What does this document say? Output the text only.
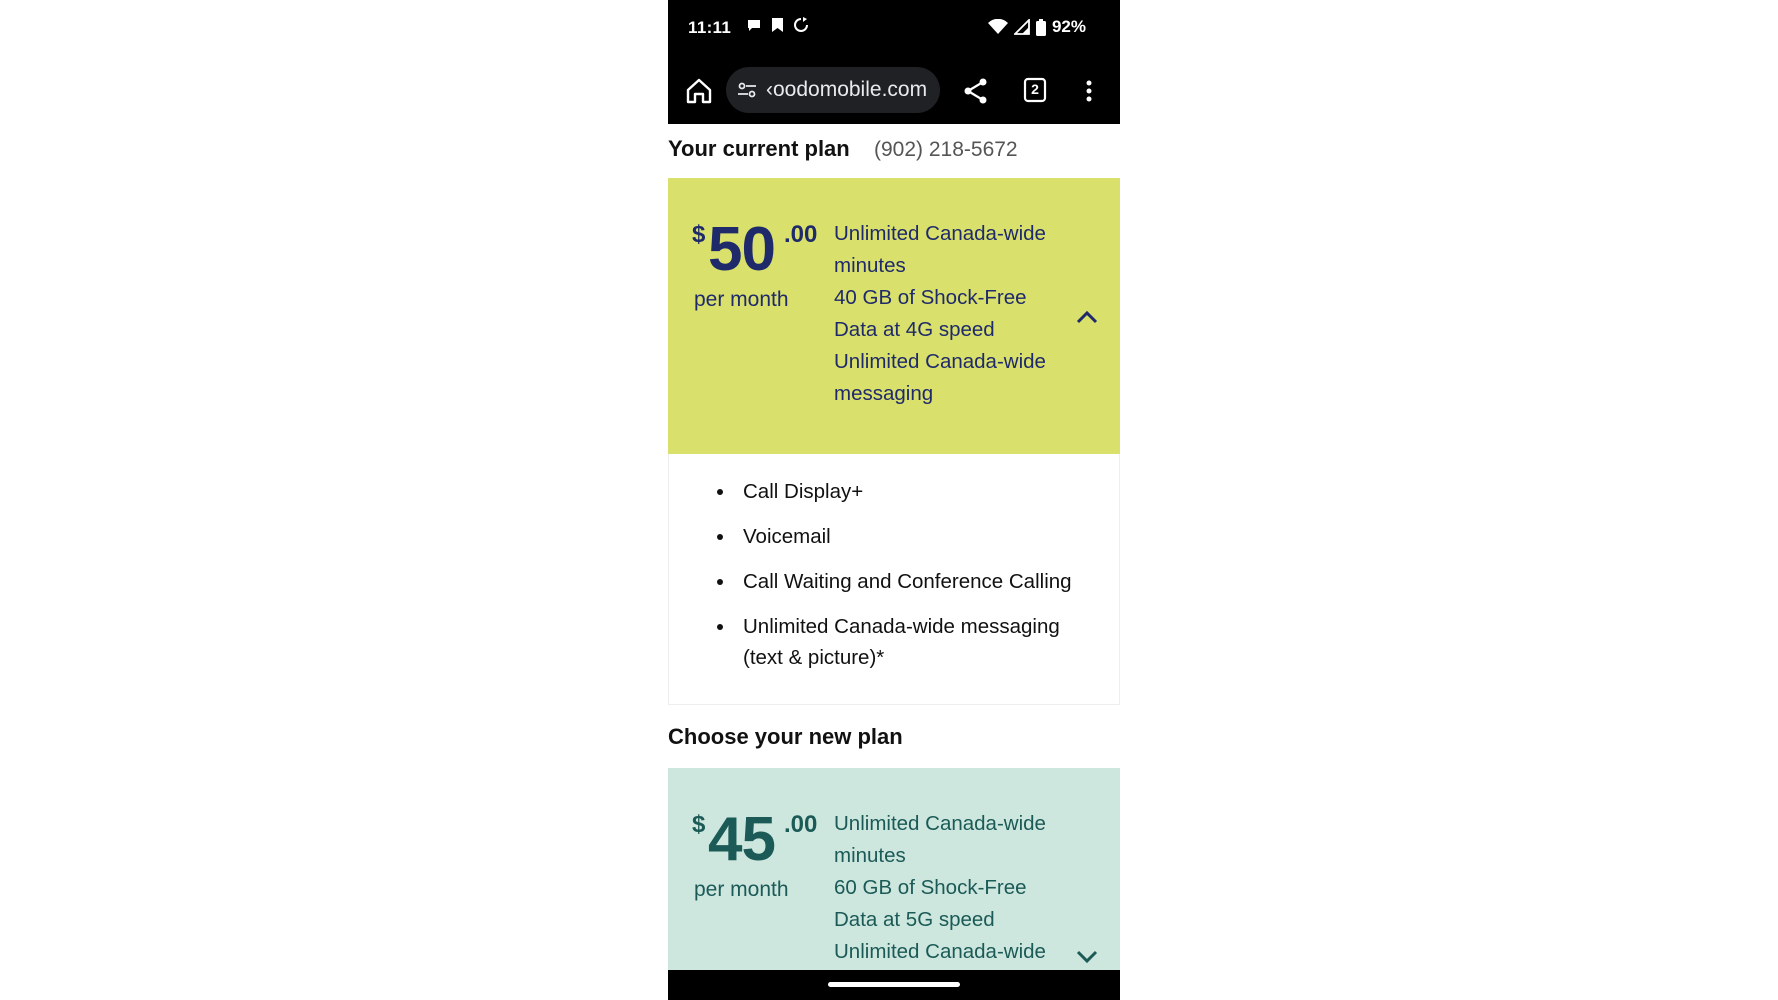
11:11	92%
‹oodomobile.com	2
Your current plan (902) 218-5672
$ 50 .00
per month
Unlimited Canada-wide minutes
40 GB of Shock-Free Data at 4G speed
Unlimited Canada-wide messaging
Call Display+
Voicemail
Call Waiting and Conference Calling
Unlimited Canada-wide messaging (text & picture)*
Choose your new plan
$ 45 .00
per month
Unlimited Canada-wide minutes
60 GB of Shock-Free Data at 5G speed
Unlimited Canada-wide
